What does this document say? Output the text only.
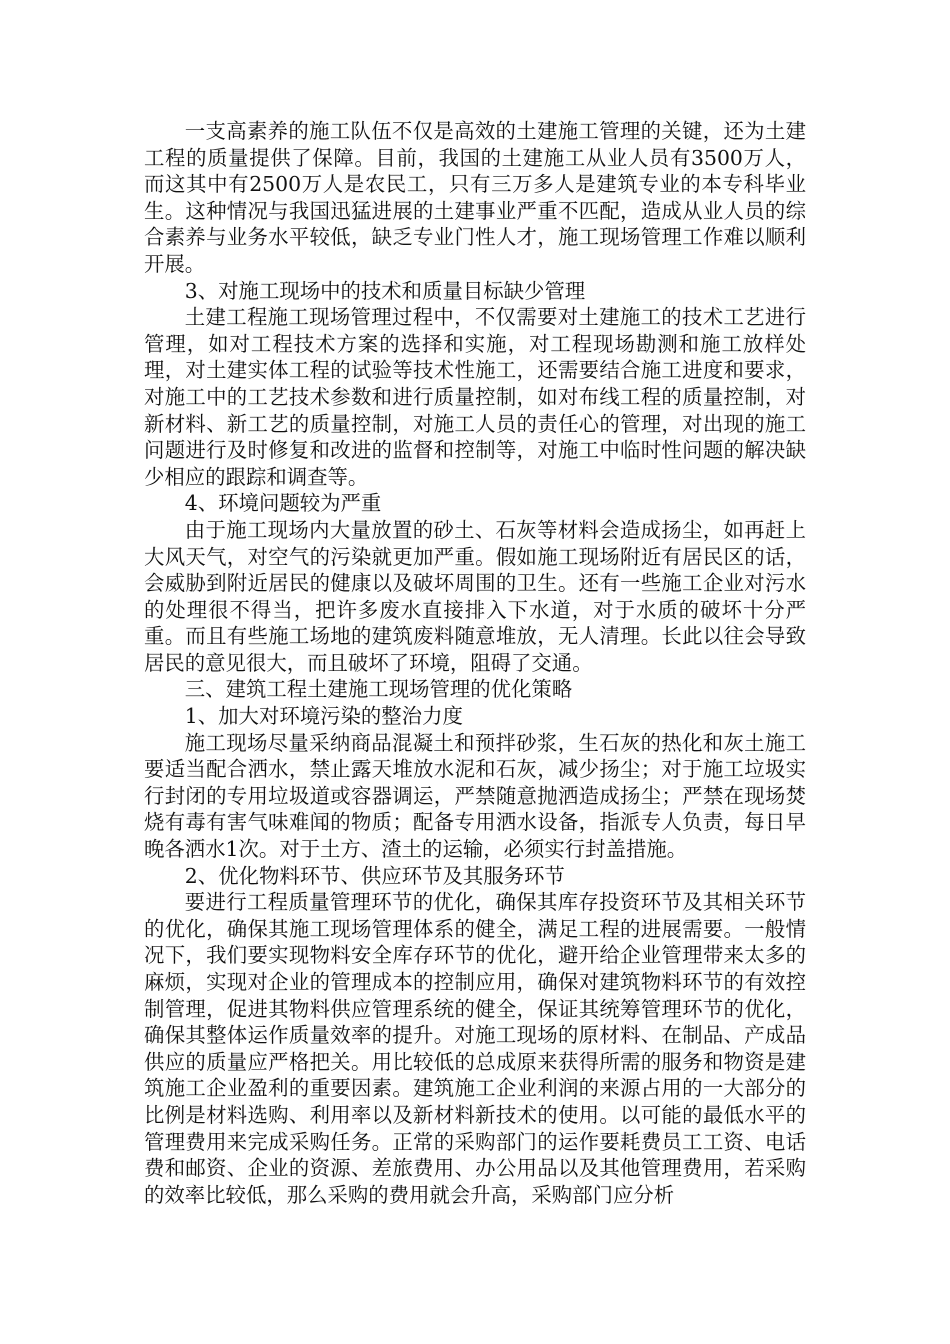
一支高素养的施工队伍不仅是高效的土建施工管理的关键，还为土建工程的质量提供了保障。目前，我国的土建施工从业人员有3500万人，而这其中有2500万人是农民工，只有三万多人是建筑专业的本专科毕业生。这种情况与我国迅猛进展的土建事业严重不匹配，造成从业人员的综合素养与业务水平较低，缺乏专业门性人才，施工现场管理工作难以顺利开展。

3、对施工现场中的技术和质量目标缺少管理

土建工程施工现场管理过程中，不仅需要对土建施工的技术工艺进行管理，如对工程技术方案的选择和实施，对工程现场勘测和施工放样处理，对土建实体工程的试验等技术性施工，还需要结合施工进度和要求，对施工中的工艺技术参数和进行质量控制，如对布线工程的质量控制，对新材料、新工艺的质量控制，对施工人员的责任心的管理，对出现的施工问题进行及时修复和改进的监督和控制等，对施工中临时性问题的解决缺少相应的跟踪和调查等。

4、环境问题较为严重

由于施工现场内大量放置的砂土、石灰等材料会造成扬尘，如再赶上大风天气，对空气的污染就更加严重。假如施工现场附近有居民区的话，会威胁到附近居民的健康以及破坏周围的卫生。还有一些施工企业对污水的处理很不得当，把许多废水直接排入下水道，对于水质的破坏十分严重。而且有些施工场地的建筑废料随意堆放，无人清理。长此以往会导致居民的意见很大，而且破坏了环境，阻碍了交通。

三、建筑工程土建施工现场管理的优化策略

1、加大对环境污染的整治力度

施工现场尽量采纳商品混凝土和预拌砂浆，生石灰的热化和灰土施工要适当配合洒水，禁止露天堆放水泥和石灰，减少扬尘；对于施工垃圾实行封闭的专用垃圾道或容器调运，严禁随意抛洒造成扬尘；严禁在现场焚烧有毒有害气味难闻的物质；配备专用洒水设备，指派专人负责，每日早晚各洒水1次。对于土方、渣土的运输，必须实行封盖措施。

2、优化物料环节、供应环节及其服务环节

要进行工程质量管理环节的优化，确保其库存投资环节及其相关环节的优化，确保其施工现场管理体系的健全，满足工程的进展需要。一般情况下，我们要实现物料安全库存环节的优化，避开给企业管理带来太多的麻烦，实现对企业的管理成本的控制应用，确保对建筑物料环节的有效控制管理，促进其物料供应管理系统的健全，保证其统筹管理环节的优化，确保其整体运作质量效率的提升。对施工现场的原材料、在制品、产成品供应的质量应严格把关。用比较低的总成原来获得所需的服务和物资是建筑施工企业盈利的重要因素。建筑施工企业利润的来源占用的一大部分的比例是材料选购、利用率以及新材料新技术的使用。以可能的最低水平的管理费用来完成采购任务。正常的采购部门的运作要耗费员工工资、电话费和邮资、企业的资源、差旅费用、办公用品以及其他管理费用，若采购的效率比较低，那么采购的费用就会升高，采购部门应分析
